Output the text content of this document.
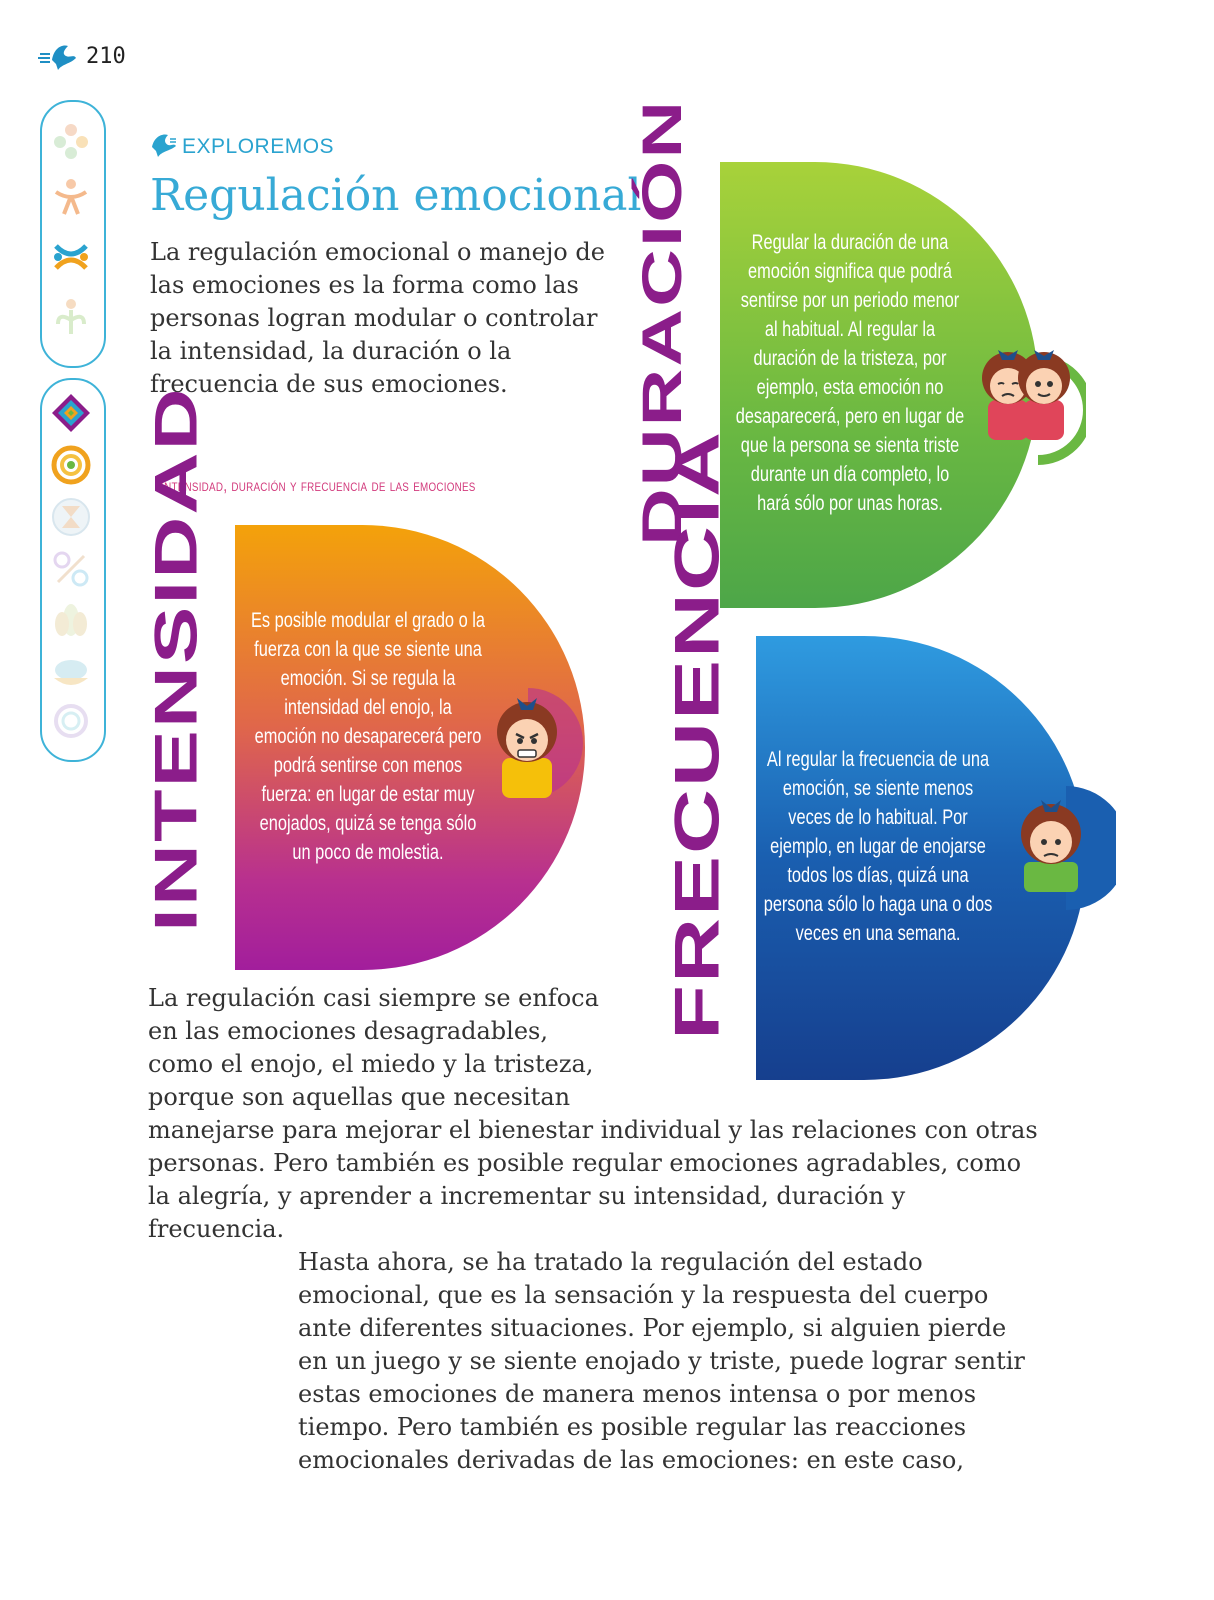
210
EXPLOREMOS
Regulación emocional
La regulación emocional o manejo de las emociones es la forma como las personas logran modular o controlar la intensidad, la duración o la frecuencia de sus emociones.
Intensidad, duración y frecuencia de las emociones DURACIÓN	Regular la duración de una emoción significa que podrá sentirse por un periodo menor al habitual. Al regular la duración de la tristeza, por ejemplo, esta emoción no desaparecerá, pero en lugar de que la persona se sienta triste durante un día completo, lo hará sólo por unas horas.
INTENSIDAD Es posible modular el grado o la fuerza con la que se siente una emoción. Si se regula la intensidad del enojo, la emoción no desaparecerá pero podrá sentirse con menos fuerza: en lugar de estar muy enojados, quizá se tenga sólo un poco de molestia.	FRECUENCIA Al regular la frecuencia de una emoción, se siente menos veces de lo habitual. Por ejemplo, en lugar de enojarse todos los días, quizá una persona sólo lo haga una o dos veces en una semana.
La regulación casi siempre se enfoca en las emociones desagradables, como el enojo, el miedo y la tristeza, porque son aquellas que necesitan manejarse para mejorar el bienestar individual y las relaciones con otras personas. Pero también es posible regular emociones agradables, como la alegría, y aprender a incrementar su intensidad, duración y frecuencia.
Hasta ahora, se ha tratado la regulación del estado emocional, que es la sensación y la respuesta del cuerpo ante diferentes situaciones. Por ejemplo, si alguien pierde en un juego y se siente enojado y triste, puede lograr sentir estas emociones de manera menos intensa o por menos tiempo. Pero también es posible regular las reacciones emocionales derivadas de las emociones: en este caso,
